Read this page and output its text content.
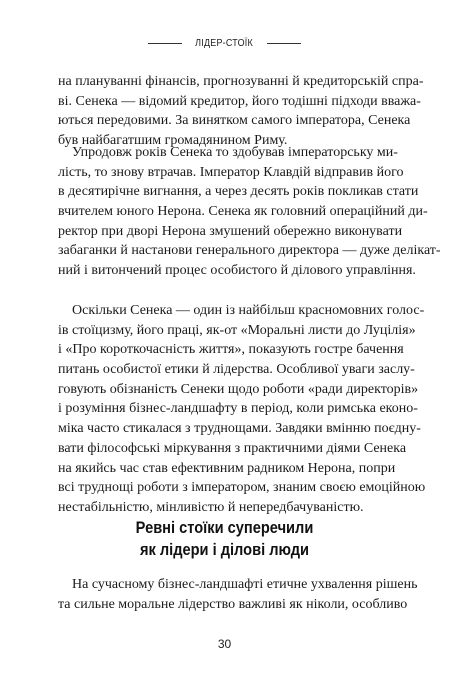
ЛІДЕР-СТОЇК
на плануванні фінансів, прогнозуванні й кредиторській спра-
ві. Сенека — відомий кредитор, його тодішні підходи вважа-
ються передовими. За винятком самого імператора, Сенека
був найбагатшим громадянином Риму.
Упродовж років Сенека то здобував імператорську ми-
лість, то знову втрачав. Імператор Клавдій відправив його
в десятирічне вигнання, а через десять років покликав стати
вчителем юного Нерона. Сенека як головний операційний ди-
ректор при дворі Нерона змушений обережно виконувати
забаганки й настанови генерального директора — дуже делікат-
ний і витончений процес особистого й ділового управління.
Оскільки Сенека — один із найбільш красномовних голос-
ів стоїцизму, його праці, як-от «Моральні листи до Луцілія»
і «Про короткочасність життя», показують гостре бачення
питань особистої етики й лідерства. Особливої уваги заслу-
говують обізнаність Сенеки щодо роботи «ради директорів»
і розуміння бізнес-ландшафту в період, коли римська еконо-
міка часто стикалася з труднощами. Завдяки вмінню поєдну-
вати філософські міркування з практичними діями Сенека
на якийсь час став ефективним радником Нерона, попри
всі труднощі роботи з імператором, знаним своєю емоційною
нестабільністю, мінливістю й непередбачуваністю.
Ревні стоїки суперечили
як лідери і ділові люди
На сучасному бізнес-ландшафті етичне ухвалення рішень
та сильне моральне лідерство важливі як ніколи, особливо
30
